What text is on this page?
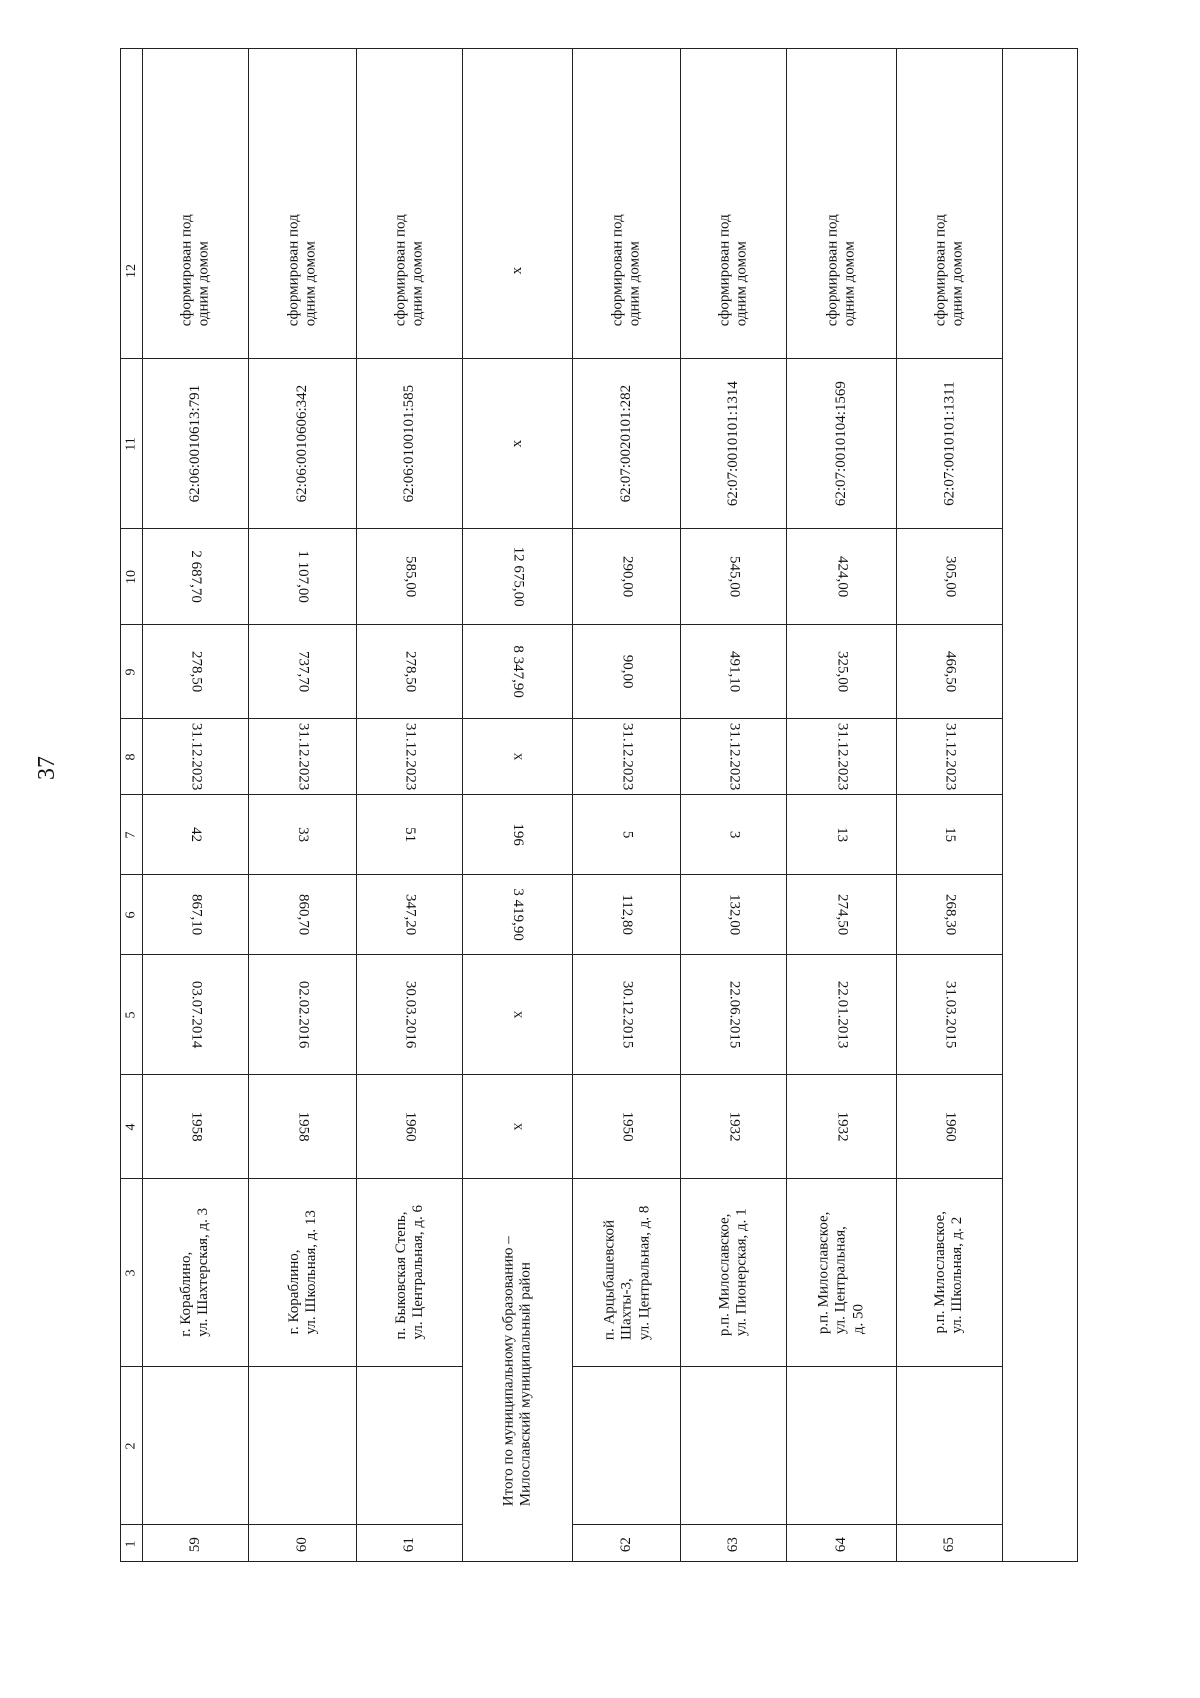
37
1
2
3
4
5
6
7
8
9
10
11
12
59
г. Кораблино, ул. Шахтерская, д. 3
1958
03.07.2014
867,10
42
31.12.2023
278,50
2 687,70
62:06:0010613:791
сформирован под одним домом
60
г. Кораблино, ул. Школьная, д. 13
1958
02.02.2016
860,70
33
31.12.2023
737,70
1 107,00
62:06:0010606:342
сформирован под одним домом
61
п. Быковская Степь, ул. Центральная, д. 6
1960
30.03.2016
347,20
51
31.12.2023
278,50
585,00
62:06:0100101:585
сформирован под одним домом
Итого по муниципальному образованию – Милославский муниципальный район
х
х
3 419,90
196
х
8 347,90
12 675,00
х
х
62
п. Арцыбашевской Шахты-3, ул. Центральная, д. 8
1950
30.12.2015
112,80
5
31.12.2023
90,00
290,00
62:07:0020101:282
сформирован под одним домом
63
р.п. Милославское, ул. Пионерская, д. 1
1932
22.06.2015
132,00
3
31.12.2023
491,10
545,00
62:07:0010101:1314
сформирован под одним домом
64
р.п. Милославское, ул. Центральная, д. 50
1932
22.01.2013
274,50
13
31.12.2023
325,00
424,00
62:07:0010104:1569
сформирован под одним домом
65
р.п. Милославское, ул. Школьная, д. 2
1960
31.03.2015
268,30
15
31.12.2023
466,50
305,00
62:07:0010101:1311
сформирован под одним домом
